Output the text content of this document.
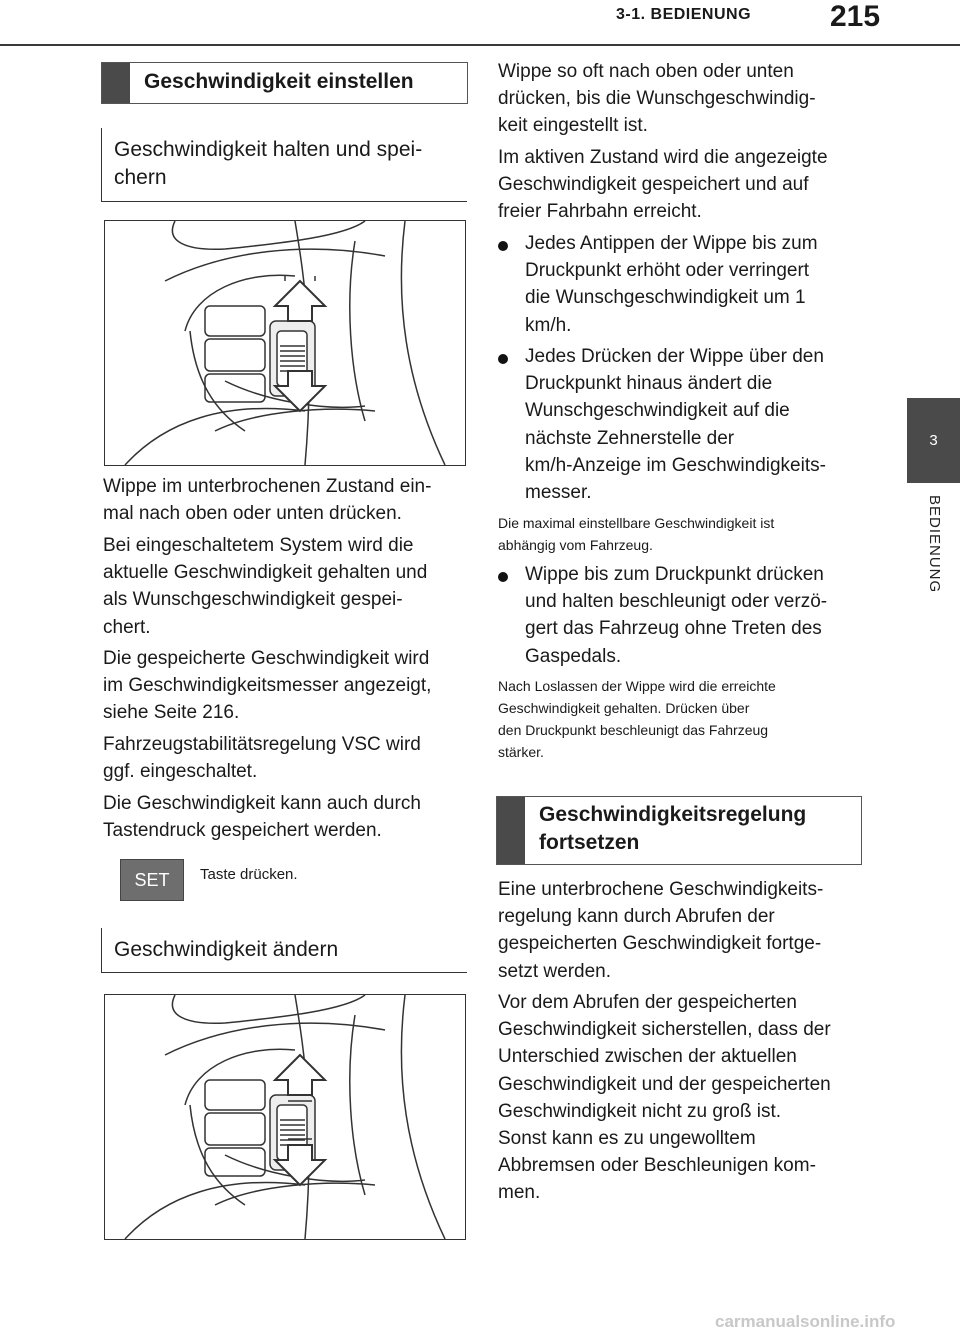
3-1. BEDIENUNG	215
3
BEDIENUNG
Geschwindigkeit einstellen
Geschwindigkeit halten und spei-
chern
Wippe im unterbrochenen Zustand ein-
mal nach oben oder unten drücken.
Bei eingeschaltetem System wird die
aktuelle Geschwindigkeit gehalten und
als Wunschgeschwindigkeit gespei-
chert.
Die gespeicherte Geschwindigkeit wird
im Geschwindigkeitsmesser angezeigt,
siehe Seite 216.
Fahrzeugstabilitätsregelung VSC wird
ggf. eingeschaltet.
Die Geschwindigkeit kann auch durch
Tastendruck gespeichert werden.
SET	Taste drücken.
Geschwindigkeit ändern
Wippe so oft nach oben oder unten
drücken, bis die Wunschgeschwindig-
keit eingestellt ist.
Im aktiven Zustand wird die angezeigte
Geschwindigkeit gespeichert und auf
freier Fahrbahn erreicht.
Jedes Antippen der Wippe bis zum
Druckpunkt erhöht oder verringert
die Wunschgeschwindigkeit um 1
km/h.
Jedes Drücken der Wippe über den
Druckpunkt hinaus ändert die
Wunschgeschwindigkeit auf die
nächste Zehnerstelle der
km/h-Anzeige im Geschwindigkeits-
messer.
Die maximal einstellbare Geschwindigkeit ist
abhängig vom Fahrzeug.
Wippe bis zum Druckpunkt drücken
und halten beschleunigt oder verzö-
gert das Fahrzeug ohne Treten des
Gaspedals.
Nach Loslassen der Wippe wird die erreichte
Geschwindigkeit gehalten. Drücken über
den Druckpunkt beschleunigt das Fahrzeug
stärker.
Geschwindigkeitsregelung
fortsetzen
Eine unterbrochene Geschwindigkeits-
regelung kann durch Abrufen der
gespeicherten Geschwindigkeit fortge-
setzt werden.
Vor dem Abrufen der gespeicherten
Geschwindigkeit sicherstellen, dass der
Unterschied zwischen der aktuellen
Geschwindigkeit und der gespeicherten
Geschwindigkeit nicht zu groß ist.
Sonst kann es zu ungewolltem
Abbremsen oder Beschleunigen kom-
men.
carmanualsonline.info
